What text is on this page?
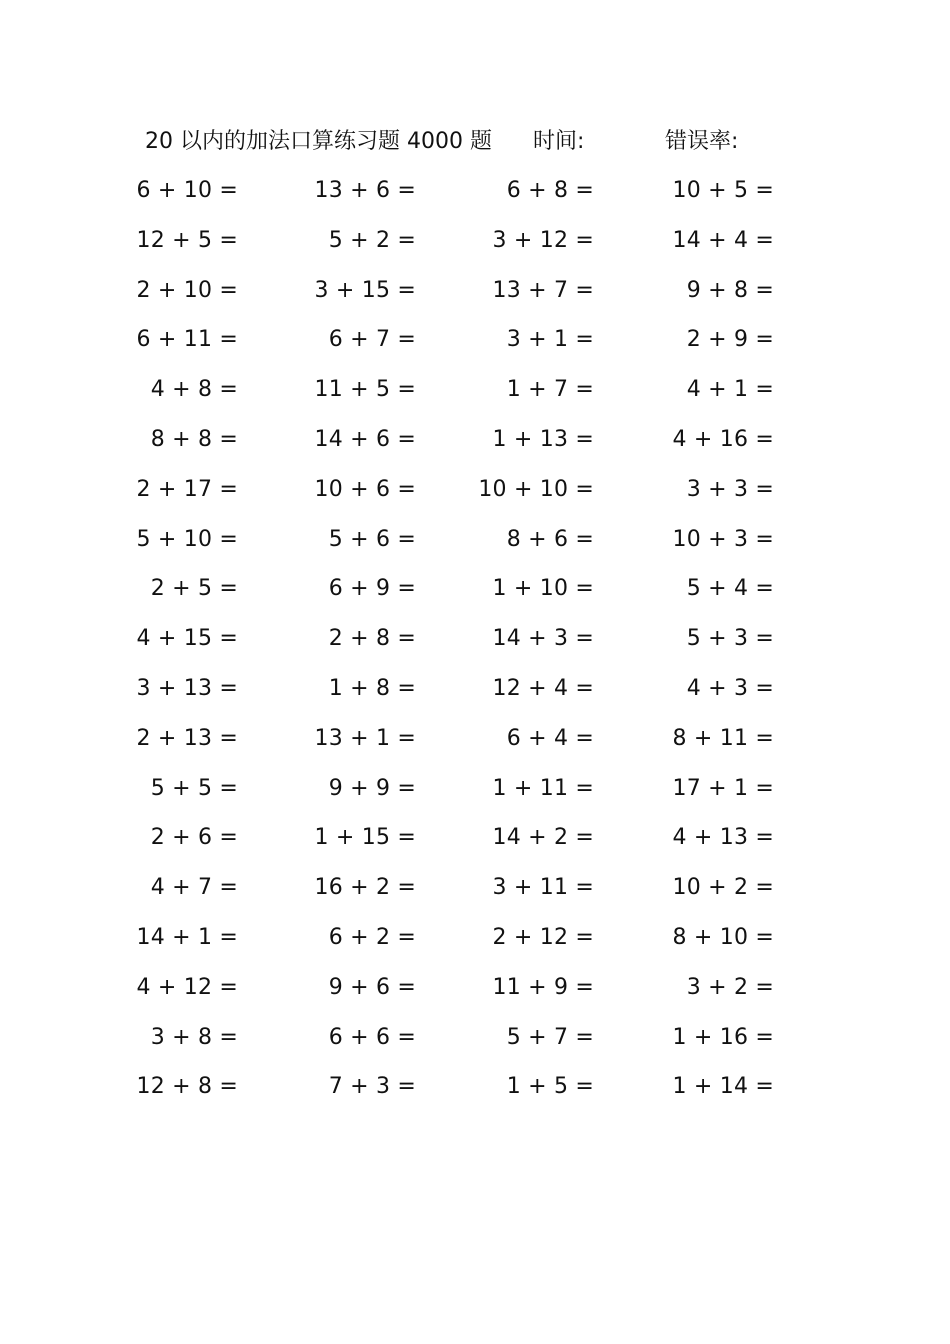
20 以内的加法口算练习题 4000 题 时间:	错误率:
6 + 10 =	13 + 6 =	6 + 8 =	10 + 5 =
12 + 5 =	5 + 2 =	3 + 12 =	14 + 4 =
2 + 10 =	3 + 15 =	13 + 7 =	9 + 8 =
6 + 11 =	6 + 7 =	3 + 1 =	2 + 9 =
4 + 8 =	11 + 5 =	1 + 7 =	4 + 1 =
8 + 8 =	14 + 6 =	1 + 13 =	4 + 16 =
2 + 17 =	10 + 6 =	10 + 10 =	3 + 3 =
5 + 10 =	5 + 6 =	8 + 6 =	10 + 3 =
2 + 5 =	6 + 9 =	1 + 10 =	5 + 4 =
4 + 15 =	2 + 8 =	14 + 3 =	5 + 3 =
3 + 13 =	1 + 8 =	12 + 4 =	4 + 3 =
2 + 13 =	13 + 1 =	6 + 4 =	8 + 11 =
5 + 5 =	9 + 9 =	1 + 11 =	17 + 1 =
2 + 6 =	1 + 15 =	14 + 2 =	4 + 13 =
4 + 7 =	16 + 2 =	3 + 11 =	10 + 2 =
14 + 1 =	6 + 2 =	2 + 12 =	8 + 10 =
4 + 12 =	9 + 6 =	11 + 9 =	3 + 2 =
3 + 8 =	6 + 6 =	5 + 7 =	1 + 16 =
12 + 8 =	7 + 3 =	1 + 5 =	1 + 14 =
